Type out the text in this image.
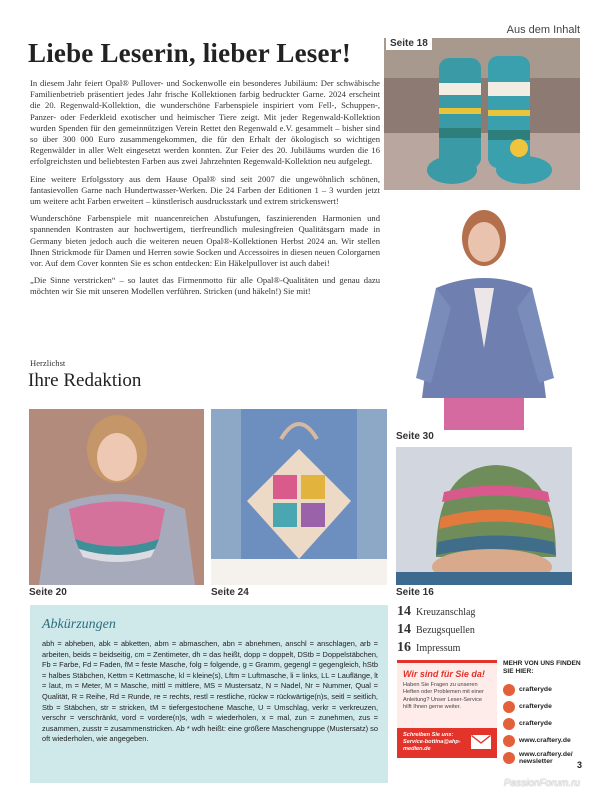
Aus dem Inhalt
Liebe Leserin, lieber Leser!

In diesem Jahr feiert Opal® Pullover- und Sockenwolle ein besonderes Jubiläum: Der schwäbische Familienbetrieb präsentiert jedes Jahr frische Kollektionen farbig bedruckter Garne. 2024 erscheint die 20. Regenwald-Kollektion, die wunderschöne Farbenspiele inspiriert vom Fell-, Schuppen-, Panzer- oder Federkleid exotischer und heimischer Tiere zeigt. Mit jeder Regenwald-Kollektion wurden Spenden für den gemeinnützigen Verein Rettet den Regenwald e.V. gesammelt – bisher sind so über 300 000 Euro zusammengekommen, die für den Erhalt der ökologisch so wichtigen Regenwälder in aller Welt eingesetzt werden konnten. Zur Feier des 20. Jubiläums wurden die 16 erfolgreichsten und beliebtesten Farben aus zwei Jahrzehnten Regenwald-Kollektion neu aufgelegt.

Eine weitere Erfolgsstory aus dem Hause Opal® sind seit 2007 die ungewöhnlich schönen, fantasievollen Garne nach Hundertwasser-Werken. Die 24 Farben der Editionen 1 – 3 wurden jetzt um weitere acht Farben erweitert – künstlerisch ausdrucksstark und extrem strickenswert!

Wunderschöne Farbenspiele mit nuancenreichen Abstufungen, faszinierenden Harmonien und spannenden Kontrasten aur hochwertigem, tierfreundlich mulesingfreien Qualitätsgarn made in Germany bieten jedoch auch die weiteren neuen Opal®-Kollektionen Herbst 2024 an. Wir stellen Ihnen Strickmode für Damen und Herren sowie Socken und Accessoires in diesen neuen Colorgarnen vor. Auf dem Cover konnten Sie es schon entdecken: Ein Häkelpullover ist auch dabei!

„Die Sinne verstricken“ – so lautet das Firmenmotto für alle Opal®-Qualitäten und genau dazu möchten wir Sie mit unseren Modellen verführen. Stricken (und häkeln!) Sie mit!

Herzlichst
Ihre Redaktion
Seite 18
Seite 30
Seite 20	Seite 24	Seite 16
Abkürzungen
abh = abheben, abk = abketten, abm = abmaschen, abn = abnehmen, anschl = anschlagen, arb = arbeiten, beids = beidseitig, cm = Zentimeter, dh = das heißt, dopp = doppelt, DStb = Doppelstäbchen, Fb = Farbe, Fd = Faden, fM = feste Masche, folg = folgende, g = Gramm, gegengl = gegengleich, hStb = halbes Stäbchen, Kettm = Kettmasche, kl = kleine(s), Lftm = Luftmasche, li = links, LL = Lauflänge, lt = laut, m = Meter, M = Masche, mittl = mittlere, MS = Mustersatz, N = Nadel, Nr = Nummer, Qual = Qualität, R = Reihe, Rd = Runde, re = rechts, restl = restliche, rückw = rückwärtige(n)s, seitl = seitlich, Stb = Stäbchen, str = stricken, tM = tiefergestochene Masche, U = Umschlag, verkr = verkreuzen, verschr = verschränkt, vord = vordere(n)s, wdh = wiederholen, x = mal, zun = zunehmen, zus = zusammen, zusstr = zusammenstricken. Ab * wdh heißt: eine größere Maschengruppe (Mustersatz) so oft wiederholen, wie angegeben.
14 Kreuzanschlag
14 Bezugsquellen
16 Impressum
Wir sind für Sie da!
Haben Sie Fragen zu unseren Heften oder Problemen mit einer Anleitung? Unser Leser-Service hilft Ihnen gerne weiter.
Schreiben Sie uns: Service-bottina@ahp-medien.de
MEHR VON UNS FINDEN SIE HIER:
crafteryde
crafteryde
crafteryde
www.craftery.de
www.craftery.de/ newsletter	3
PassionForum.ru
